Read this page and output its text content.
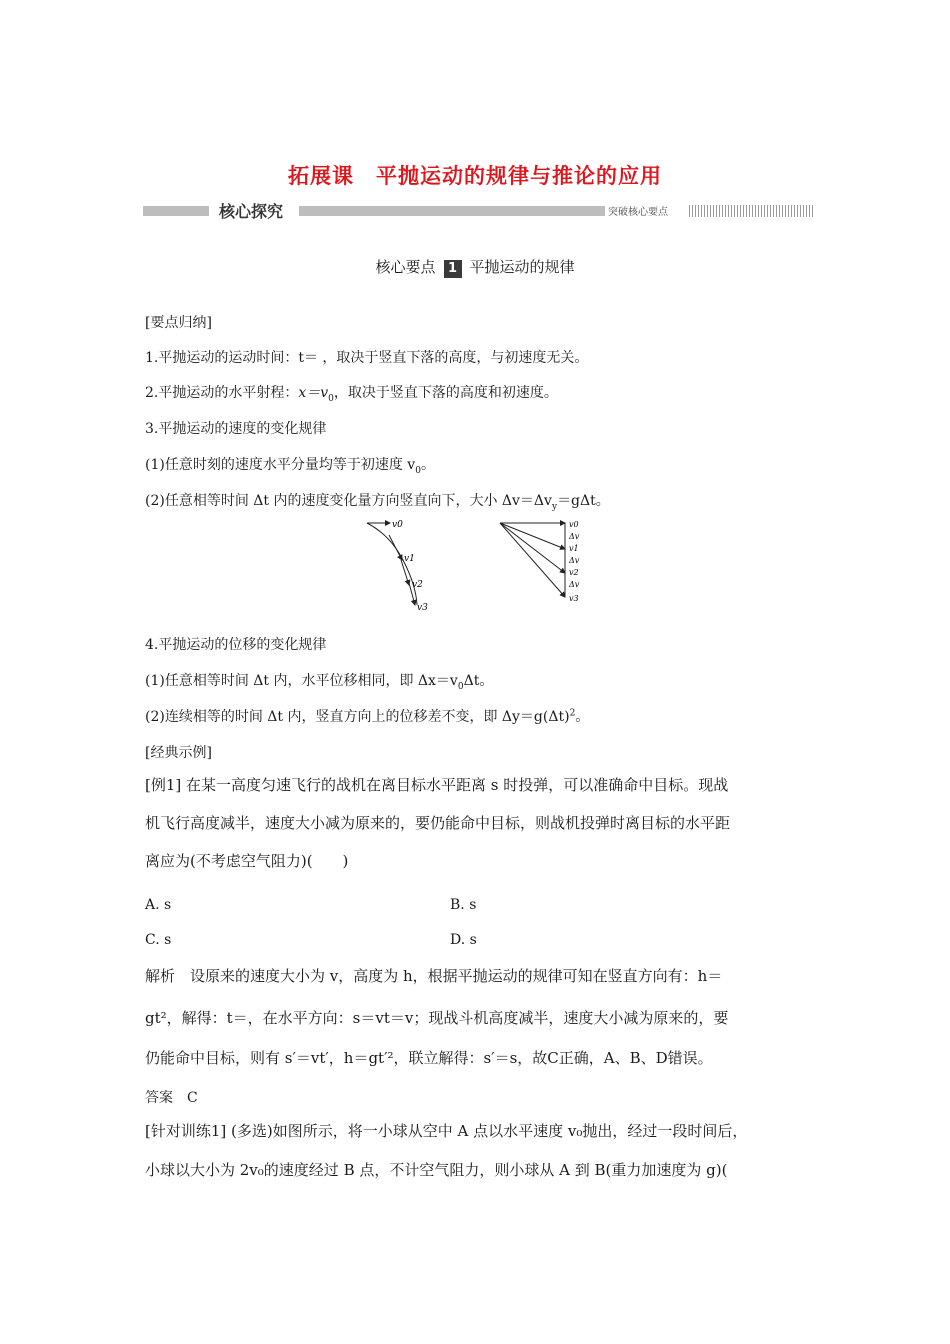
拓展课　平抛运动的规律与推论的应用
核心探究	突破核心要点
核心要点 1 平抛运动的规律
[要点归纳]
1.平抛运动的运动时间：t＝ ，取决于竖直下落的高度，与初速度无关。
2.平抛运动的水平射程：$x=v_0$，取决于竖直下落的高度和初速度。
3.平抛运动的速度的变化规律
(1)任意时刻的速度水平分量均等于初速度 $v_0$。
(2)任意相等时间 Δt 内的速度变化量方向竖直向下，大小 $\Delta v=\Delta v_y=g\Delta t$。
v0
v1
v2
v3
v0
Δv
v1
Δv
v2
Δv
v3
4.平抛运动的位移的变化规律
(1)任意相等时间 Δt 内，水平位移相同，即 $\Delta x=v_0\Delta t$。
(2)连续相等的时间 Δt 内，竖直方向上的位移差不变，即 $\Delta y=g(\Delta t)^2$。
[经典示例]
[例1] 在某一高度匀速飞行的战机在离目标水平距离 s 时投弹，可以准确命中目标。现战
机飞行高度减半，速度大小减为原来的，要仍能命中目标，则战机投弹时离目标的水平距
离应为(不考虑空气阻力)(　　)
A. s	B. s
C. s	D. s
解析　设原来的速度大小为 v，高度为 h，根据平抛运动的规律可知在竖直方向有：h＝
gt²，解得：t＝，在水平方向：s＝vt＝v；现战斗机高度减半，速度大小减为原来的，要
仍能命中目标，则有 s′＝vt′，h＝gt′²，联立解得：s′＝s，故C正确，A、B、D错误。
答案　C
[针对训练1] (多选)如图所示，将一小球从空中 A 点以水平速度 v₀抛出，经过一段时间后，
小球以大小为 2v₀的速度经过 B 点，不计空气阻力，则小球从 A 到 B(重力加速度为 g)(
